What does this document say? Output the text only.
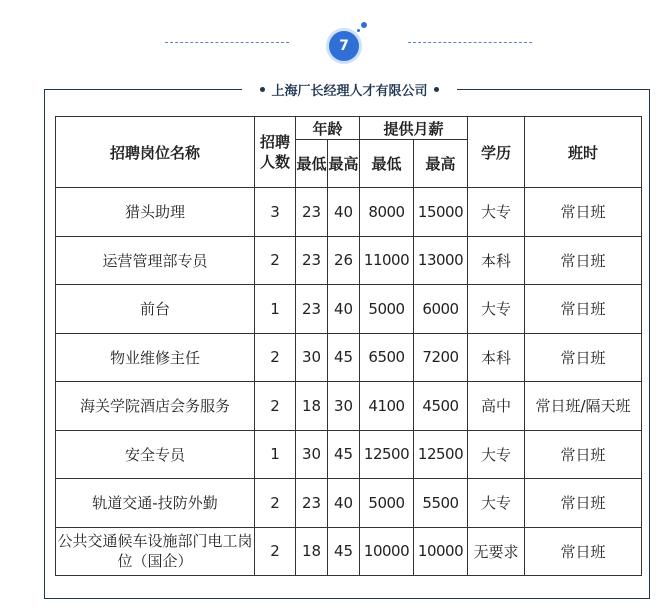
7
上海厂长经理人才有限公司
招聘岗位名称	招聘人数	年龄		提供月薪		学历	班时
		最低	最高	最低	最高		
猎头助理	3	23	40	8000	15000	大专	常日班
运营管理部专员	2	23	26	11000	13000	本科	常日班
前台	1	23	40	5000	6000	大专	常日班
物业维修主任	2	30	45	6500	7200	本科	常日班
海关学院酒店会务服务	2	18	30	4100	4500	高中	常日班/隔天班
安全专员	1	30	45	12500	12500	大专	常日班
轨道交通-技防外勤	2	23	40	5000	5500	大专	常日班
公共交通候车设施部门电工岗位（国企）	2	18	45	10000	10000	无要求	常日班
